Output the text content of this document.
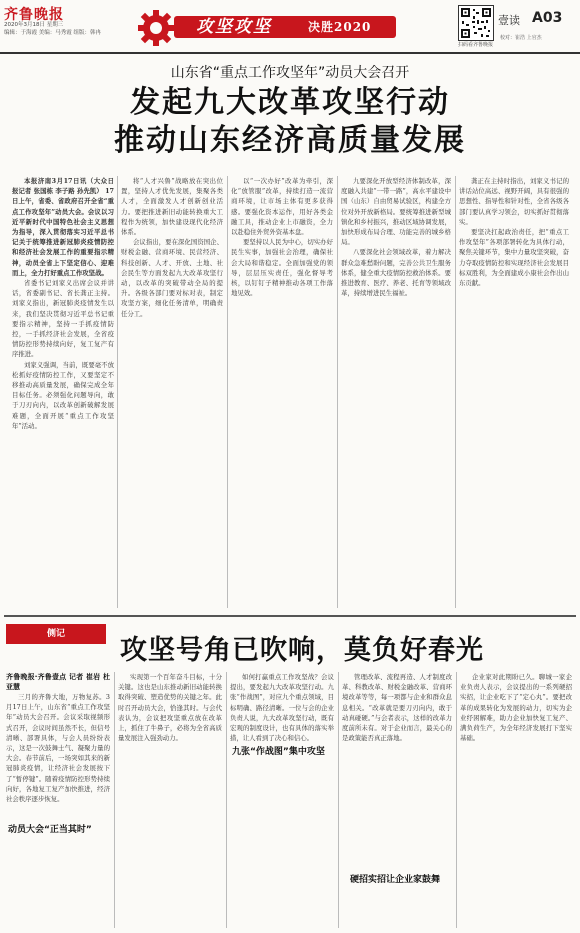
齐鲁晚报
2020年3月18日 星期三
编辑：于海霞 美编：马秀霞 组版：韩冉	攻坚攻坚	决胜2020
扫码看齐鲁晚报
壹读 A03
校对：崔浩 上官杰
山东省“重点工作攻坚年”动员大会召开
发起九大改革攻坚行动
推动山东经济高质量发展

本报济南3月17日讯（大众日报记者 张国栋 李子路 孙先凯） 17日上午，省委、省政府召开全省“重点工作攻坚年”动员大会。会议以习近平新时代中国特色社会主义思想为指导，深入贯彻落实习近平总书记关于统筹推进新冠肺炎疫情防控和经济社会发展工作的重要指示精神，动员全省上下坚定信心、迎难而上，全力打好重点工作攻坚战。

省委书记刘家义出席会议并讲话，省委副书记、省长龚正主持。刘家义指出，新冠肺炎疫情发生以来，我们坚决贯彻习近平总书记重要指示精神，坚持一手抓疫情防控，一手抓经济社会发展，全省疫情防控形势持续向好，复工复产有序推进。

刘家义强调，当前，既要毫不放松抓好疫情防控工作，又要坚定不移推动高质量发展，确保完成全年目标任务。必须强化问题导向，敢于刀刃向内，以改革创新破解发展难题，全面开展“重点工作攻坚年”活动。

将“人才兴鲁”战略放在突出位置，坚持人才优先发展，集聚各类人才，全面激发人才创新创业活力。要把推进新旧动能转换重大工程作为统领，加快建设现代化经济体系。

会议指出，要在深化国资国企、财税金融、营商环境、民营经济、科技创新、人才、开放、土地、社会民生等方面发起九大改革攻坚行动，以改革的突破带动全局的提升。各级各部门要对标对表，制定攻坚方案，细化任务清单，明确责任分工。

以“一次办好”改革为牵引，深化“放管服”改革，持续打造一流营商环境，让市场主体有更多获得感。要强化资本运作，用好各类金融工具，推动企业上市融资，全力以赴稳住外贸外资基本盘。

要坚持以人民为中心，切实办好民生实事，加强社会治理，确保社会大局和谐稳定。全面加强党的领导，层层压实责任，强化督导考核，以钉钉子精神推动各项工作落地见效。

九要深化开放型经济体制改革，深度融入共建“一带一路”，高水平建设中国（山东）自由贸易试验区，构建全方位对外开放新格局。要统筹推进新型城镇化和乡村振兴，推动区域协调发展，加快形成布局合理、功能完善的城乡格局。

八要深化社会领域改革，着力解决群众急难愁盼问题，完善公共卫生服务体系，健全重大疫情防控救治体系。要推进教育、医疗、养老、托育等领域改革，持续增进民生福祉。

龚正在主持时指出，刘家义书记的讲话站位高远、视野开阔，具有很强的思想性、指导性和针对性，全省各级各部门要认真学习领会，切实抓好贯彻落实。

要坚决扛起政治责任，把“重点工作攻坚年”各项部署转化为具体行动，聚焦关键环节，集中力量攻坚突破，奋力夺取疫情防控和实现经济社会发展目标双胜利，为全面建成小康社会作出山东贡献。

侧记
攻坚号角已吹响，莫负好春光
齐鲁晚报·齐鲁壹点 记者 崔岩 杜亚慧

三月的齐鲁大地，万物复苏。3月17日上午，山东省“重点工作攻坚年”动员大会召开。会议采取视频形式召开，会议时间虽然不长，但信号清晰、部署具体，与会人员纷纷表示，这是一次鼓舞士气、凝聚力量的大会。春节前后，一场突如其来的新冠肺炎疫情，让经济社会发展按下了“暂停键”。随着疫情防控形势持续向好，各地复工复产加快推进，经济社会秩序逐步恢复。

动员大会“正当其时”

实现第一个百年奋斗目标，十分关键。这也是山东推动新旧动能转换取得突破、塑造优势的关键之年。此时召开动员大会，恰逢其时。与会代表认为，会议把攻坚重点放在改革上，抓住了牛鼻子，必将为全省高质量发展注入强劲动力。

如何打赢重点工作攻坚战？会议提出，要发起九大改革攻坚行动。九张“作战图”，对应九个重点领域，目标明确、路径清晰。一位与会的企业负责人说，九大改革攻坚行动，既有宏观的制度设计，也有具体的落实举措，让人看到了决心和信心。

九张“作战图”集中攻坚

管理改革、流程再造、人才制度改革、科教改革、财税金融改革、营商环境改革等等，每一项都与企业和群众息息相关。“改革就是要刀刃向内，敢于动真碰硬。”与会者表示，这样的改革力度前所未有。对于企业而言，最关心的是政策能否真正落地。

硬招实招让企业家鼓舞

企业家对此期盼已久。聊城一家企业负责人表示，会议提出的一系列硬招实招，让企业吃下了“定心丸”。要把改革的成果转化为发展的动力，切实为企业纾困解难，助力企业加快复工复产、满负荷生产，为全年经济发展打下坚实基础。
